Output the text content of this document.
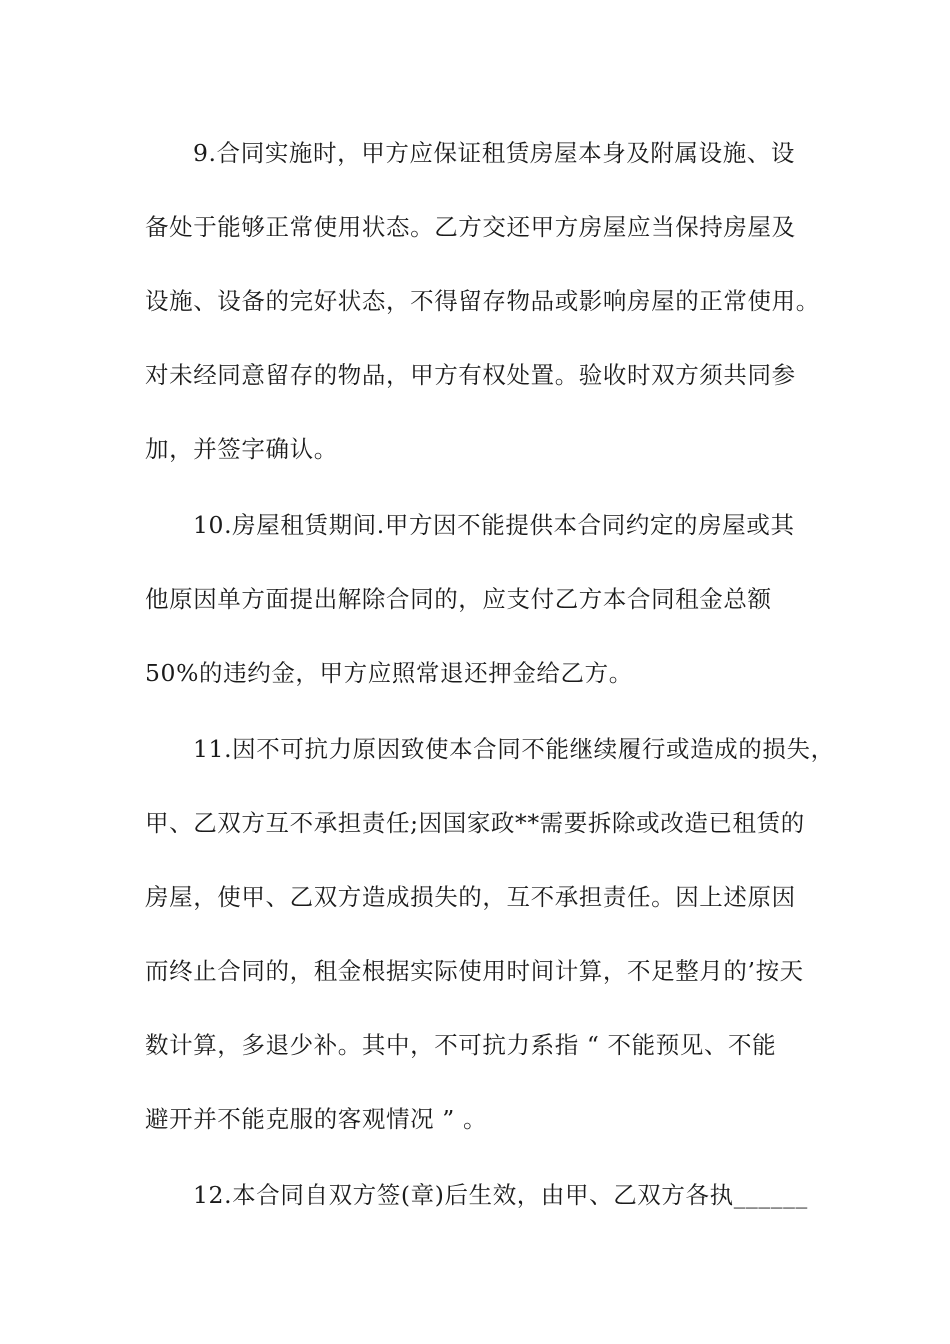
9.合同实施时，甲方应保证租赁房屋本身及附属设施、设
备处于能够正常使用状态。乙方交还甲方房屋应当保持房屋及
设施、设备的完好状态，不得留存物品或影响房屋的正常使用。
对未经同意留存的物品，甲方有权处置。验收时双方须共同参
加，并签字确认。
10.房屋租赁期间.甲方因不能提供本合同约定的房屋或其
他原因单方面提出解除合同的，应支付乙方本合同租金总额
50%的违约金，甲方应照常退还押金给乙方。
11.因不可抗力原因致使本合同不能继续履行或造成的损失，
甲、乙双方互不承担责任;因国家政**需要拆除或改造已租赁的
房屋，使甲、乙双方造成损失的，互不承担责任。因上述原因
而终止合同的，租金根据实际使用时间计算，不足整月的’按天
数计算，多退少补。其中，不可抗力系指 “ 不能预见、不能
避开并不能克服的客观情况 ” 。
12.本合同自双方签(章)后生效，由甲、乙双方各执______
